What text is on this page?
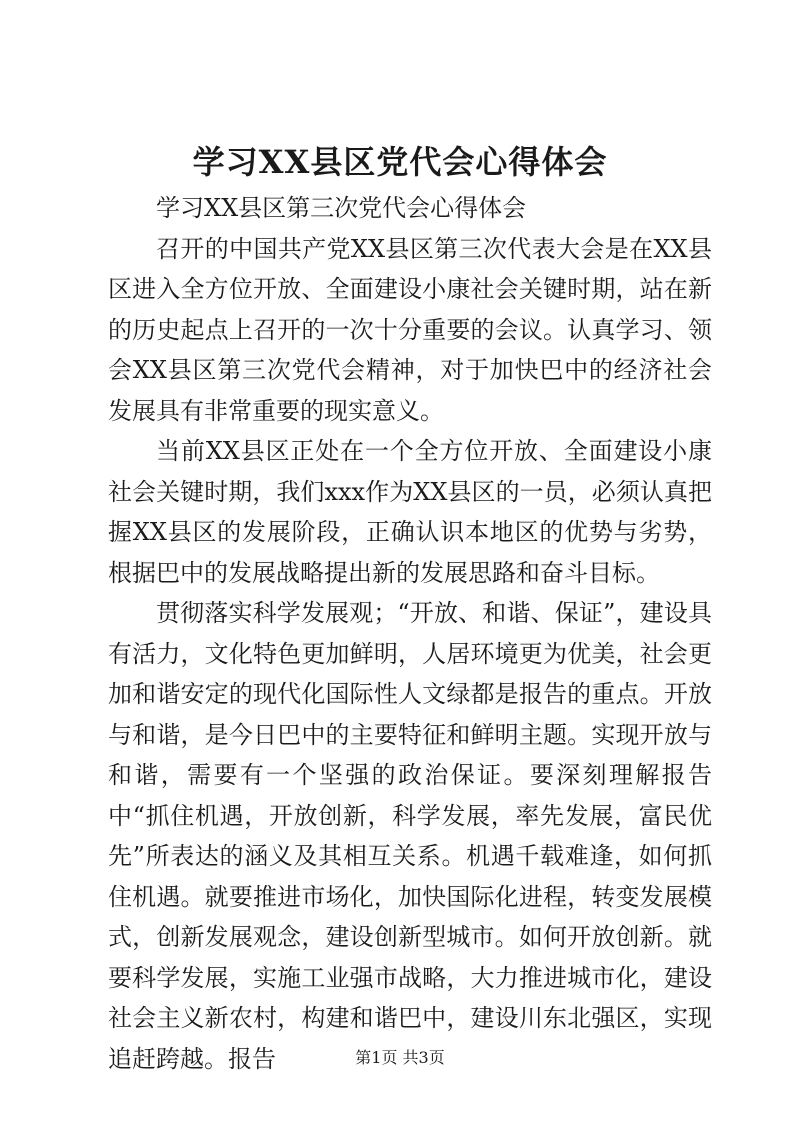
学习XX县区党代会心得体会

学习XX县区第三次党代会心得体会

召开的中国共产党XX县区第三次代表大会是在XX县区进入全方位开放、全面建设小康社会关键时期，站在新的历史起点上召开的一次十分重要的会议。认真学习、领会XX县区第三次党代会精神，对于加快巴中的经济社会发展具有非常重要的现实意义。

当前XX县区正处在一个全方位开放、全面建设小康社会关键时期，我们xxx作为XX县区的一员，必须认真把握XX县区的发展阶段，正确认识本地区的优势与劣势，根据巴中的发展战略提出新的发展思路和奋斗目标。

贯彻落实科学发展观；“开放、和谐、保证”，建设具有活力，文化特色更加鲜明，人居环境更为优美，社会更加和谐安定的现代化国际性人文绿都是报告的重点。开放与和谐，是今日巴中的主要特征和鲜明主题。实现开放与和谐，需要有一个坚强的政治保证。要深刻理解报告中“抓住机遇，开放创新，科学发展，率先发展，富民优先”所表达的涵义及其相互关系。机遇千载难逢，如何抓住机遇。就要推进市场化，加快国际化进程，转变发展模式，创新发展观念，建设创新型城市。如何开放创新。就要科学发展，实施工业强市战略，大力推进城市化，建设社会主义新农村，构建和谐巴中，建设川东北强区，实现追赶跨越。报告	第1页 共3页
